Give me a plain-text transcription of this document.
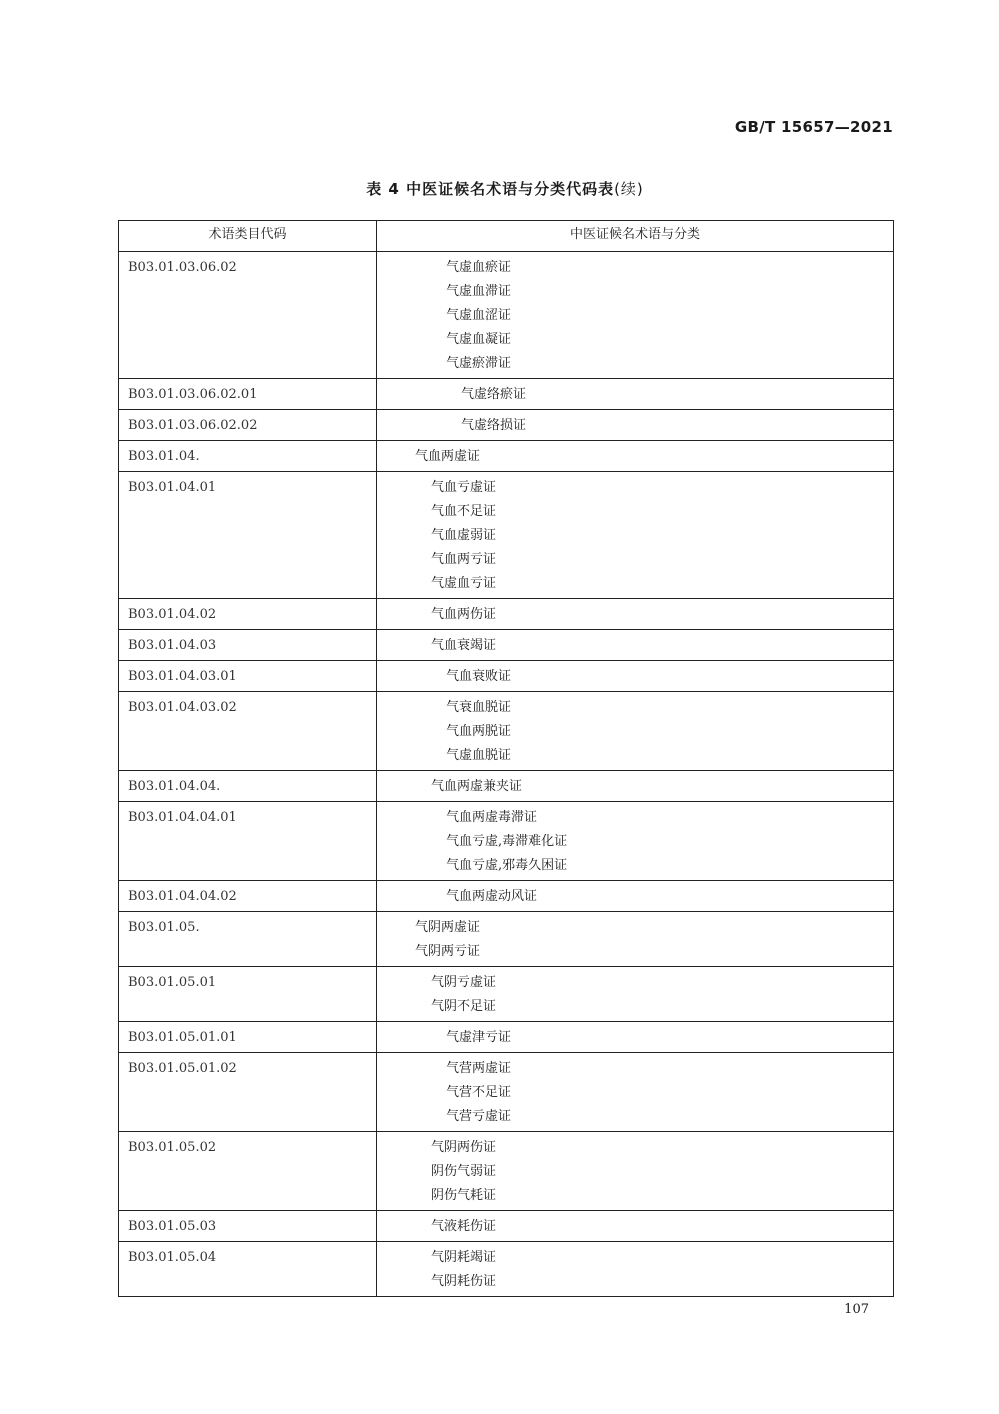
GB/T 15657—2021
表 4 中医证候名术语与分类代码表(续)
术语类目代码	中医证候名术语与分类
B03.01.03.06.02	气虚血瘀证
气虚血滞证
气虚血涩证
气虚血凝证
气虚瘀滞证

B03.01.03.06.02.01	气虚络瘀证

B03.01.03.06.02.02	气虚络损证

B03.01.04.	气血两虚证

B03.01.04.01	气血亏虚证
气血不足证
气血虚弱证
气血两亏证
气虚血亏证

B03.01.04.02	气血两伤证

B03.01.04.03	气血衰竭证

B03.01.04.03.01	气血衰败证

B03.01.04.03.02	气衰血脱证
气血两脱证
气虚血脱证

B03.01.04.04.	气血两虚兼夹证

B03.01.04.04.01	气血两虚毒滞证
气血亏虚,毒滞难化证
气血亏虚,邪毒久困证

B03.01.04.04.02	气血两虚动风证

B03.01.05.	气阴两虚证
气阴两亏证

B03.01.05.01	气阴亏虚证
气阴不足证

B03.01.05.01.01	气虚津亏证

B03.01.05.01.02	气营两虚证
气营不足证
气营亏虚证

B03.01.05.02	气阴两伤证
阴伤气弱证
阴伤气耗证

B03.01.05.03	气液耗伤证

B03.01.05.04	气阴耗竭证
气阴耗伤证
107
